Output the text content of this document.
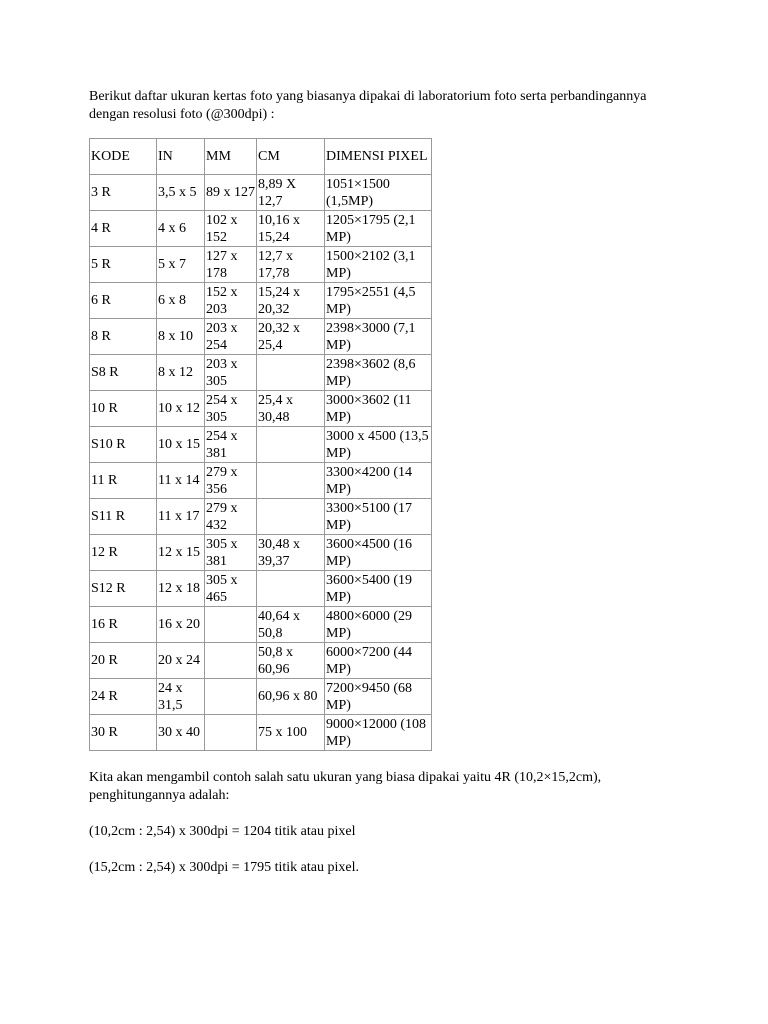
Berikut daftar ukuran kertas foto yang biasanya dipakai di laboratorium foto serta perbandingannya dengan resolusi foto (@300dpi) :

KODE	IN	MM	CM	DIMENSI PIXEL
3 R	3,5 x 5	89 x 127	8,89 X 12,7	1051×1500 (1,5MP)
4 R	4 x 6	102 x 152	10,16 x 15,24	1205×1795 (2,1 MP)
5 R	5 x 7	127 x 178	12,7 x 17,78	1500×2102 (3,1 MP)
6 R	6 x 8	152 x 203	15,24 x 20,32	1795×2551 (4,5 MP)
8 R	8 x 10	203 x 254	20,32 x 25,4	2398×3000 (7,1 MP)
S8 R	8 x 12	203 x 305		2398×3602 (8,6 MP)
10 R	10 x 12	254 x 305	25,4 x 30,48	3000×3602 (11 MP)
S10 R	10 x 15	254 x 381		3000 x 4500 (13,5 MP)
11 R	11 x 14	279 x 356		3300×4200 (14 MP)
S11 R	11 x 17	279 x 432		3300×5100 (17 MP)
12 R	12 x 15	305 x 381	30,48 x 39,37	3600×4500 (16 MP)
S12 R	12 x 18	305 x 465		3600×5400 (19 MP)
16 R	16 x 20		40,64 x 50,8	4800×6000 (29 MP)
20 R	20 x 24		50,8 x 60,96	6000×7200 (44 MP)
24 R	24 x 31,5		60,96 x 80	7200×9450 (68 MP)
30 R	30 x 40		75 x 100	9000×12000 (108 MP)

Kita akan mengambil contoh salah satu ukuran yang biasa dipakai yaitu 4R (10,2×15,2cm), penghitungannya adalah:

(10,2cm : 2,54) x 300dpi = 1204 titik atau pixel

(15,2cm : 2,54) x 300dpi = 1795 titik atau pixel.
